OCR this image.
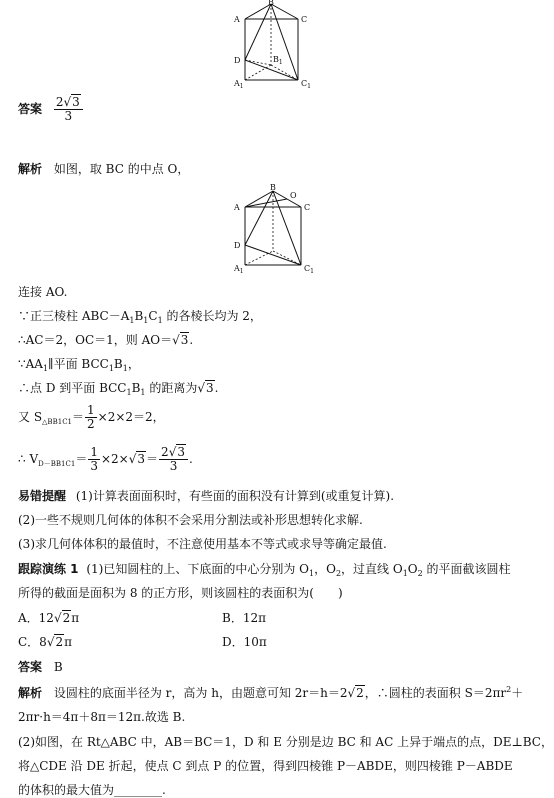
A
B
C
D	$B_1$
$A_1$	$C_1$
答案 $\frac{2√3}{3}$
解析 如图，取 BC 的中点 O，
A
B
O
C
D
$A_1$	$C_1$
连接 AO.
∵正三棱柱 $ABC-A_1B_1C_1$ 的各棱长均为 2，
∴AC＝2，OC＝1，则 AO＝√3.
$\because AA_1\parallel$平面 $BCC_1B_1$，
∴点 D 到平面 $BCC_1B_1$ 的距离为√3.
又 $S_{\triangle BB1C1}= \frac{1}{2} \times 2\times 2=2$，
∴ $V_{D-BB1C1}= \frac{1}{3} \times 2\times√3= \frac{2√3}{3}$ .
易错提醒 (1)计算表面面积时，有些面的面积没有计算到(或重复计算).
(2)一些不规则几何体的体积不会采用分割法或补形思想转化求解.
(3)求几何体体积的最值时，不注意使用基本不等式或求导等确定最值.
跟踪演练 1 (1)已知圆柱的上、下底面的中心分别为 $O_1$，$O_2$，过直线 $O_1O_2$ 的平面截该圆柱
所得的截面是面积为 8 的正方形，则该圆柱的表面积为(　　)
A．12√2π	B．12π
C．8√2π	D．10π
答案 B
解析 设圆柱的底面半径为 r，高为 h，由题意可知 2r＝h＝2√2，∴圆柱的表面积 $S=2\pi r^2+$
2πr·h＝4π＋8π＝12π.故选 B.
(2)如图，在 Rt△ABC 中，AB＝BC＝1，D 和 E 分别是边 BC 和 AC 上异于端点的点，DE⊥BC，
将△CDE 沿 DE 折起，使点 C 到点 P 的位置，得到四棱锥 P－ABDE，则四棱锥 P－ABDE
的体积的最大值为________.
